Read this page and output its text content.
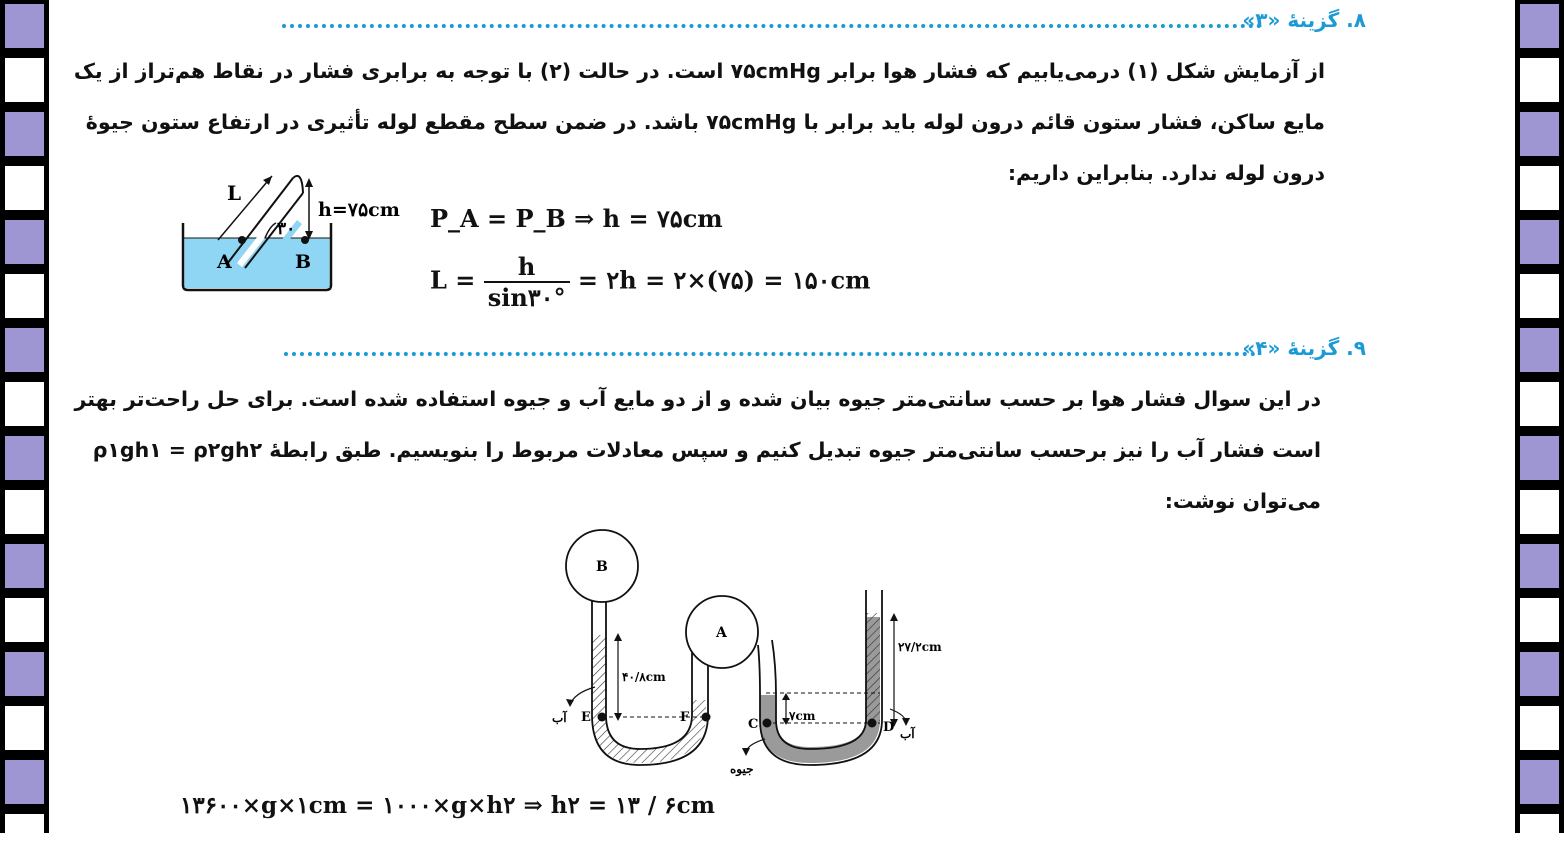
۸. گزینهٔ «۳»

از آزمایش شکل (۱) درمی‌یابیم که فشار هوا برابر ۷۵cmHg است. در حالت (۲) با توجه به برابری فشار در نقاط هم‌تراز از یک

مایع ساکن، فشار ستون قائم درون لوله باید برابر با ۷۵cmHg باشد. در ضمن سطح مقطع لوله تأثیری در ارتفاع ستون جیوهٔ

درون لوله ندارد. بنابراین داریم:

L
h=۷۵cm
۳۰
A	B
P_A = P_B ⇒ h = ۷۵cm
$L = \frac{h}{\sin ۳۰^\circ}$ = ۲h = ۲×(۷۵) = ۱۵۰cm
۹. گزینهٔ «۴»

در این سوال فشار هوا بر حسب سانتی‌متر جیوه بیان شده و از دو مایع آب و جیوه استفاده شده است. برای حل راحت‌تر بهتر

است فشار آب را نیز برحسب سانتی‌متر جیوه تبدیل کنیم و سپس معادلات مربوط را بنویسیم. طبق رابطهٔ ρ۱gh۱ = ρ۲gh۲

می‌توان نوشت:

B
A
۴۰/۸cm
۲۷/۲cm
۷cm
E	F	C	D
آب
آب
جیوه
۱۳۶۰۰×g×۱cm = ۱۰۰۰×g×h۲ ⇒ h۲ = ۱۳ / ۶cm
